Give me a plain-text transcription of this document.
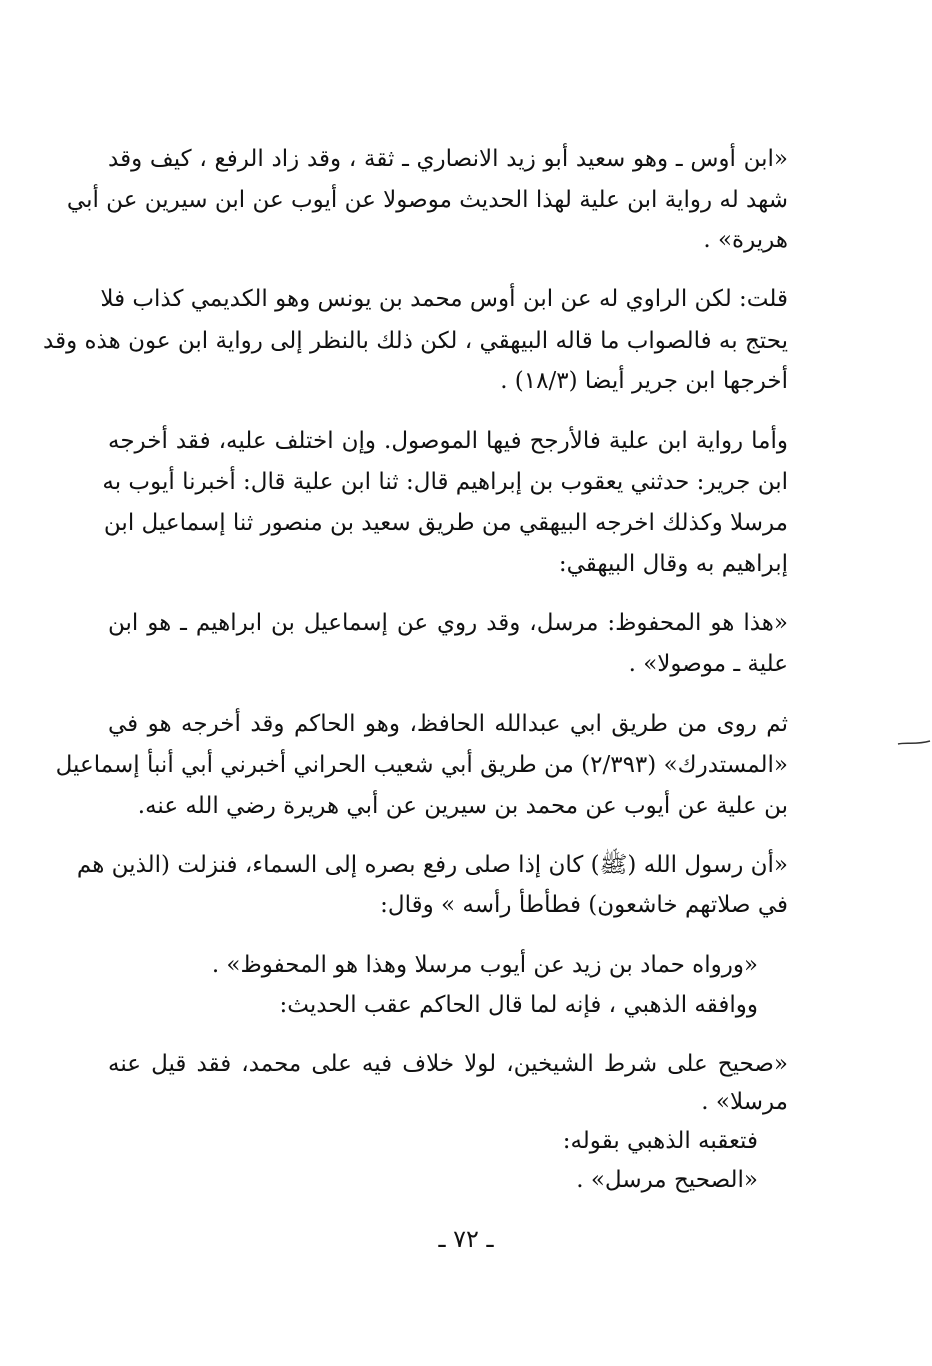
«ابن أوس ـ وهو سعيد أبو زيد الانصاري ـ ثقة ، وقد زاد الرفع ، كيف وقد
شهد له رواية ابن علية لهذا الحديث موصولا عن أيوب عن ابن سيرين عن أبي
هريرة» .
قلت: لكن الراوي له عن ابن أوس محمد بن يونس وهو الكديمي كذاب فلا
يحتج به فالصواب ما قاله البيهقي ، لكن ذلك بالنظر إلى رواية ابن عون هذه وقد
أخرجها ابن جرير أيضا (١٨/٣) .
وأما رواية ابن علية فالأرجح فيها الموصول. وإن اختلف عليه، فقد أخرجه
ابن جرير: حدثني يعقوب بن إبراهيم قال: ثنا ابن علية قال: أخبرنا أيوب به
مرسلا وكذلك اخرجه البيهقي من طريق سعيد بن منصور ثنا إسماعيل ابن
إبراهيم به وقال البيهقي:
«هذا هو المحفوظ: مرسل، وقد روي عن إسماعيل بن ابراهيم ـ هو ابن
علية ـ موصولا» .
ثم روى من طريق ابي عبدالله الحافظ، وهو الحاكم وقد أخرجه هو في
«المستدرك» (٢/٣٩٣) من طريق أبي شعيب الحراني أخبرني أبي أنبأ إسماعيل
بن علية عن أيوب عن محمد بن سيرين عن أبي هريرة رضي الله عنه.
«أن رسول الله (ﷺ) كان إذا صلى رفع بصره إلى السماء، فنزلت (الذين هم
في صلاتهم خاشعون) فطأطأ رأسه » وقال:
«ورواه حماد بن زيد عن أيوب مرسلا وهذا هو المحفوظ» .
ووافقه الذهبي ، فإنه لما قال الحاكم عقب الحديث:
«صحيح على شرط الشيخين، لولا خلاف فيه على محمد، فقد قيل عنه
مرسلا» .
فتعقبه الذهبي بقوله:
«الصحيح مرسل» .
ـ ٧٢ ـ
